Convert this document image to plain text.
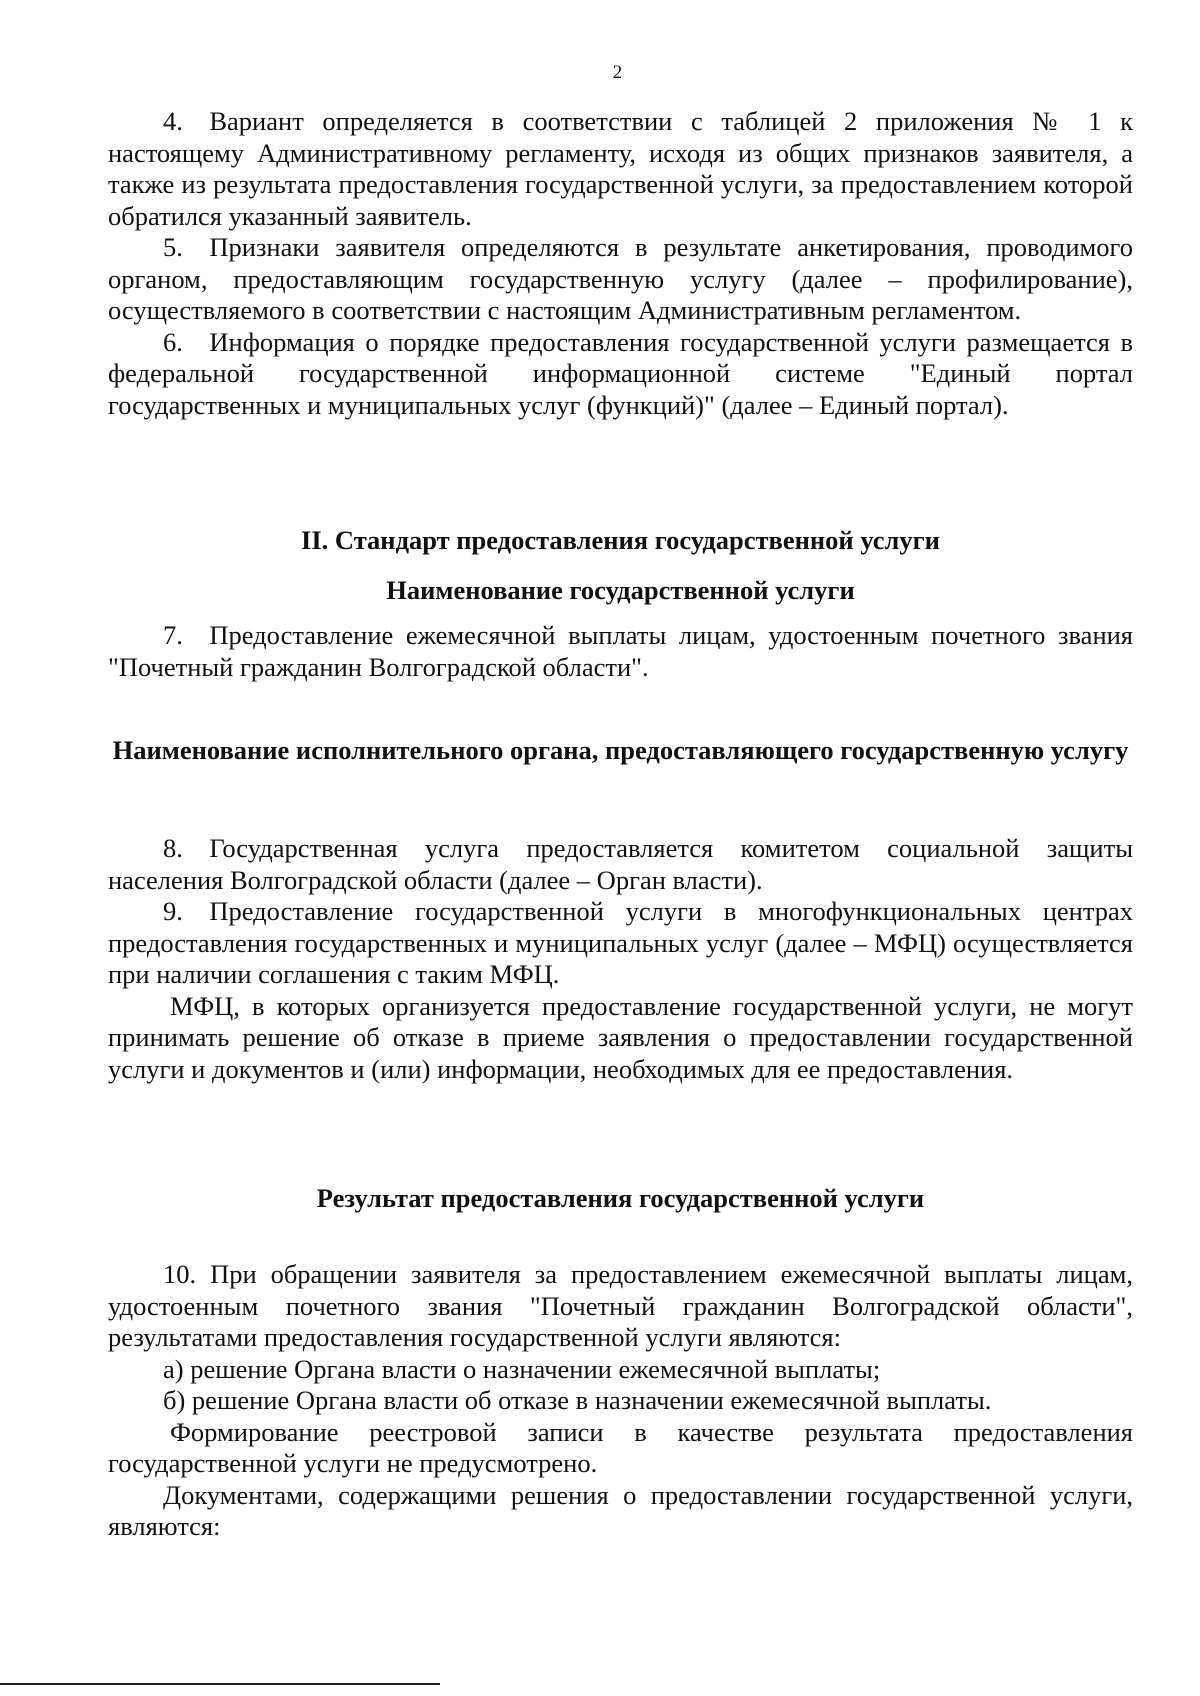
2

4. Вариант определяется в соответствии с таблицей 2 приложения № 1 к настоящему Административному регламенту, исходя из общих признаков заявителя, а также из результата предоставления государственной услуги, за предоставлением которой обратился указанный заявитель.

5. Признаки заявителя определяются в результате анкетирования, проводимого органом, предоставляющим государственную услугу (далее – профилирование), осуществляемого в соответствии с настоящим Административным регламентом.

6. Информация о порядке предоставления государственной услуги размещается в федеральной государственной информационной системе "Единый портал государственных и муниципальных услуг (функций)" (далее – Единый портал).

II. Стандарт предоставления государственной услуги
Наименование государственной услуги

7. Предоставление ежемесячной выплаты лицам, удостоенным почетного звания "Почетный гражданин Волгоградской области".

Наименование исполнительного органа, предоставляющего государственную услугу

8. Государственная услуга предоставляется комитетом социальной защиты населения Волгоградской области (далее – Орган власти).

9. Предоставление государственной услуги в многофункциональных центрах предоставления государственных и муниципальных услуг (далее – МФЦ) осуществляется при наличии соглашения с таким МФЦ.

МФЦ, в которых организуется предоставление государственной услуги, не могут принимать решение об отказе в приеме заявления о предоставлении государственной услуги и документов и (или) информации, необходимых для ее предоставления.

Результат предоставления государственной услуги

10. При обращении заявителя за предоставлением ежемесячной выплаты лицам, удостоенным почетного звания "Почетный гражданин Волгоградской области", результатами предоставления государственной услуги являются:

а) решение Органа власти о назначении ежемесячной выплаты;

б) решение Органа власти об отказе в назначении ежемесячной выплаты.

Формирование реестровой записи в качестве результата предоставления государственной услуги не предусмотрено.

Документами, содержащими решения о предоставлении государственной услуги, являются:
